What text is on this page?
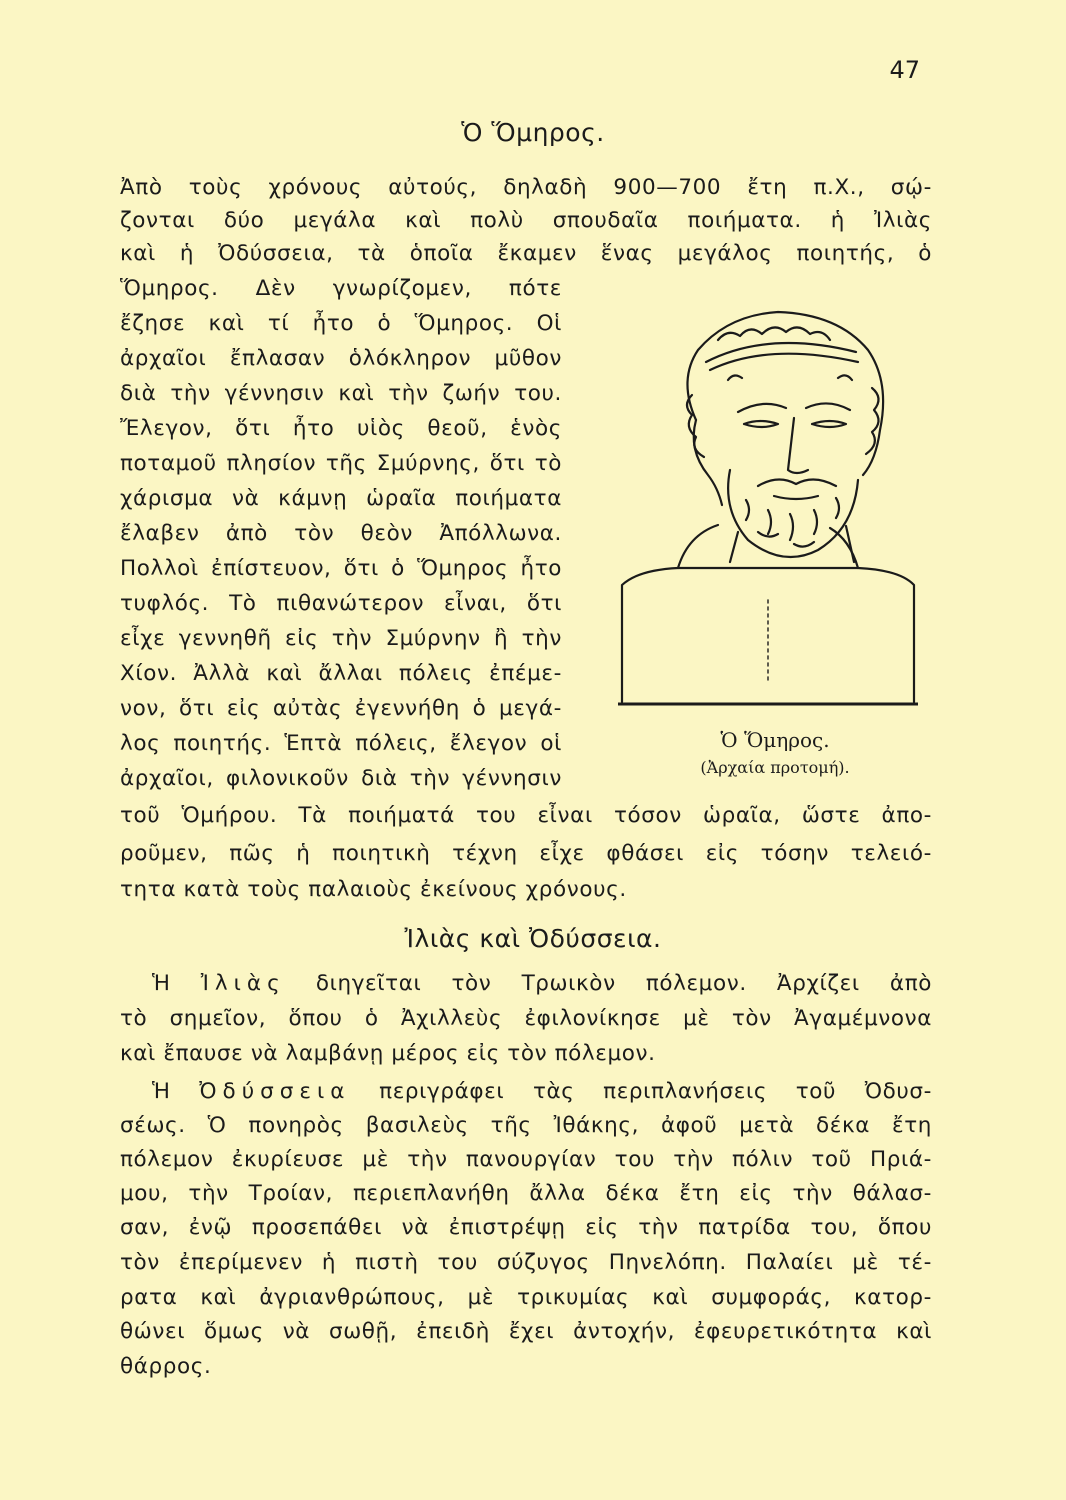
47
Ὁ Ὅμηρος.
Ἀπὸ τοὺς χρόνους αὐτούς, δηλαδὴ 900—700 ἔτη π.Χ., σῴ-
ζονται δύο μεγάλα καὶ πολὺ σπουδαῖα ποιήματα. ἡ Ἰλιὰς
καὶ ἡ Ὀδύσσεια, τὰ ὁποῖα ἔκαμεν ἕνας μεγάλος ποιητής, ὁ
Ὅμηρος. Δὲν γνωρίζομεν, πότε
ἔζησε καὶ τί ἦτο ὁ Ὅμηρος. Οἱ
ἀρχαῖοι ἔπλασαν ὁλόκληρον μῦθον
διὰ τὴν γέννησιν καὶ τὴν ζωήν του.
Ἔλεγον, ὅτι ἦτο υἱὸς θεοῦ, ἑνὸς
ποταμοῦ πλησίον τῆς Σμύρνης, ὅτι τὸ
χάρισμα νὰ κάμνῃ ὡραῖα ποιήματα
ἔλαβεν ἀπὸ τὸν θεὸν Ἀπόλλωνα.
Πολλοὶ ἐπίστευον, ὅτι ὁ Ὅμηρος ἦτο
τυφλός. Τὸ πιθανώτερον εἶναι, ὅτι
εἶχε γεννηθῆ εἰς τὴν Σμύρνην ἢ τὴν
Χίον. Ἀλλὰ καὶ ἄλλαι πόλεις ἐπέμε-
νον, ὅτι εἰς αὐτὰς ἐγεννήθη ὁ μεγά-
λος ποιητής. Ἑπτὰ πόλεις, ἔλεγον οἱ
ἀρχαῖοι, φιλονικοῦν διὰ τὴν γέννησιν
τοῦ Ὁμήρου. Τὰ ποιήματά του εἶναι τόσον ὡραῖα, ὥστε ἀπο-
ροῦμεν, πῶς ἡ ποιητικὴ τέχνη εἶχε φθάσει εἰς τόσην τελειό-
τητα κατὰ τοὺς παλαιοὺς ἐκείνους χρόνους.
Ὁ Ὅμηρος.
(Ἀρχαία προτομή).
Ἰλιὰς καὶ Ὀδύσσεια.
Ἡ Ἰλιὰς διηγεῖται τὸν Τρωικὸν πόλεμον. Ἀρχίζει ἀπὸ
τὸ σημεῖον, ὅπου ὁ Ἀχιλλεὺς ἐφιλονίκησε μὲ τὸν Ἀγαμέμνονα
καὶ ἔπαυσε νὰ λαμβάνῃ μέρος εἰς τὸν πόλεμον.
Ἡ Ὀδύσσεια περιγράφει τὰς περιπλανήσεις τοῦ Ὀδυσ-
σέως. Ὁ πονηρὸς βασιλεὺς τῆς Ἰθάκης, ἀφοῦ μετὰ δέκα ἔτη
πόλεμον ἐκυρίευσε μὲ τὴν πανουργίαν του τὴν πόλιν τοῦ Πριά-
μου, τὴν Τροίαν, περιεπλανήθη ἄλλα δέκα ἔτη εἰς τὴν θάλασ-
σαν, ἐνῷ προσεπάθει νὰ ἐπιστρέψῃ εἰς τὴν πατρίδα του, ὅπου
τὸν ἐπερίμενεν ἡ πιστὴ του σύζυγος Πηνελόπη. Παλαίει μὲ τέ-
ρατα καὶ ἀγριανθρώπους, μὲ τρικυμίας καὶ συμφοράς, κατορ-
θώνει ὅμως νὰ σωθῇ, ἐπειδὴ ἔχει ἀντοχήν, ἐφευρετικότητα καὶ
θάρρος.
